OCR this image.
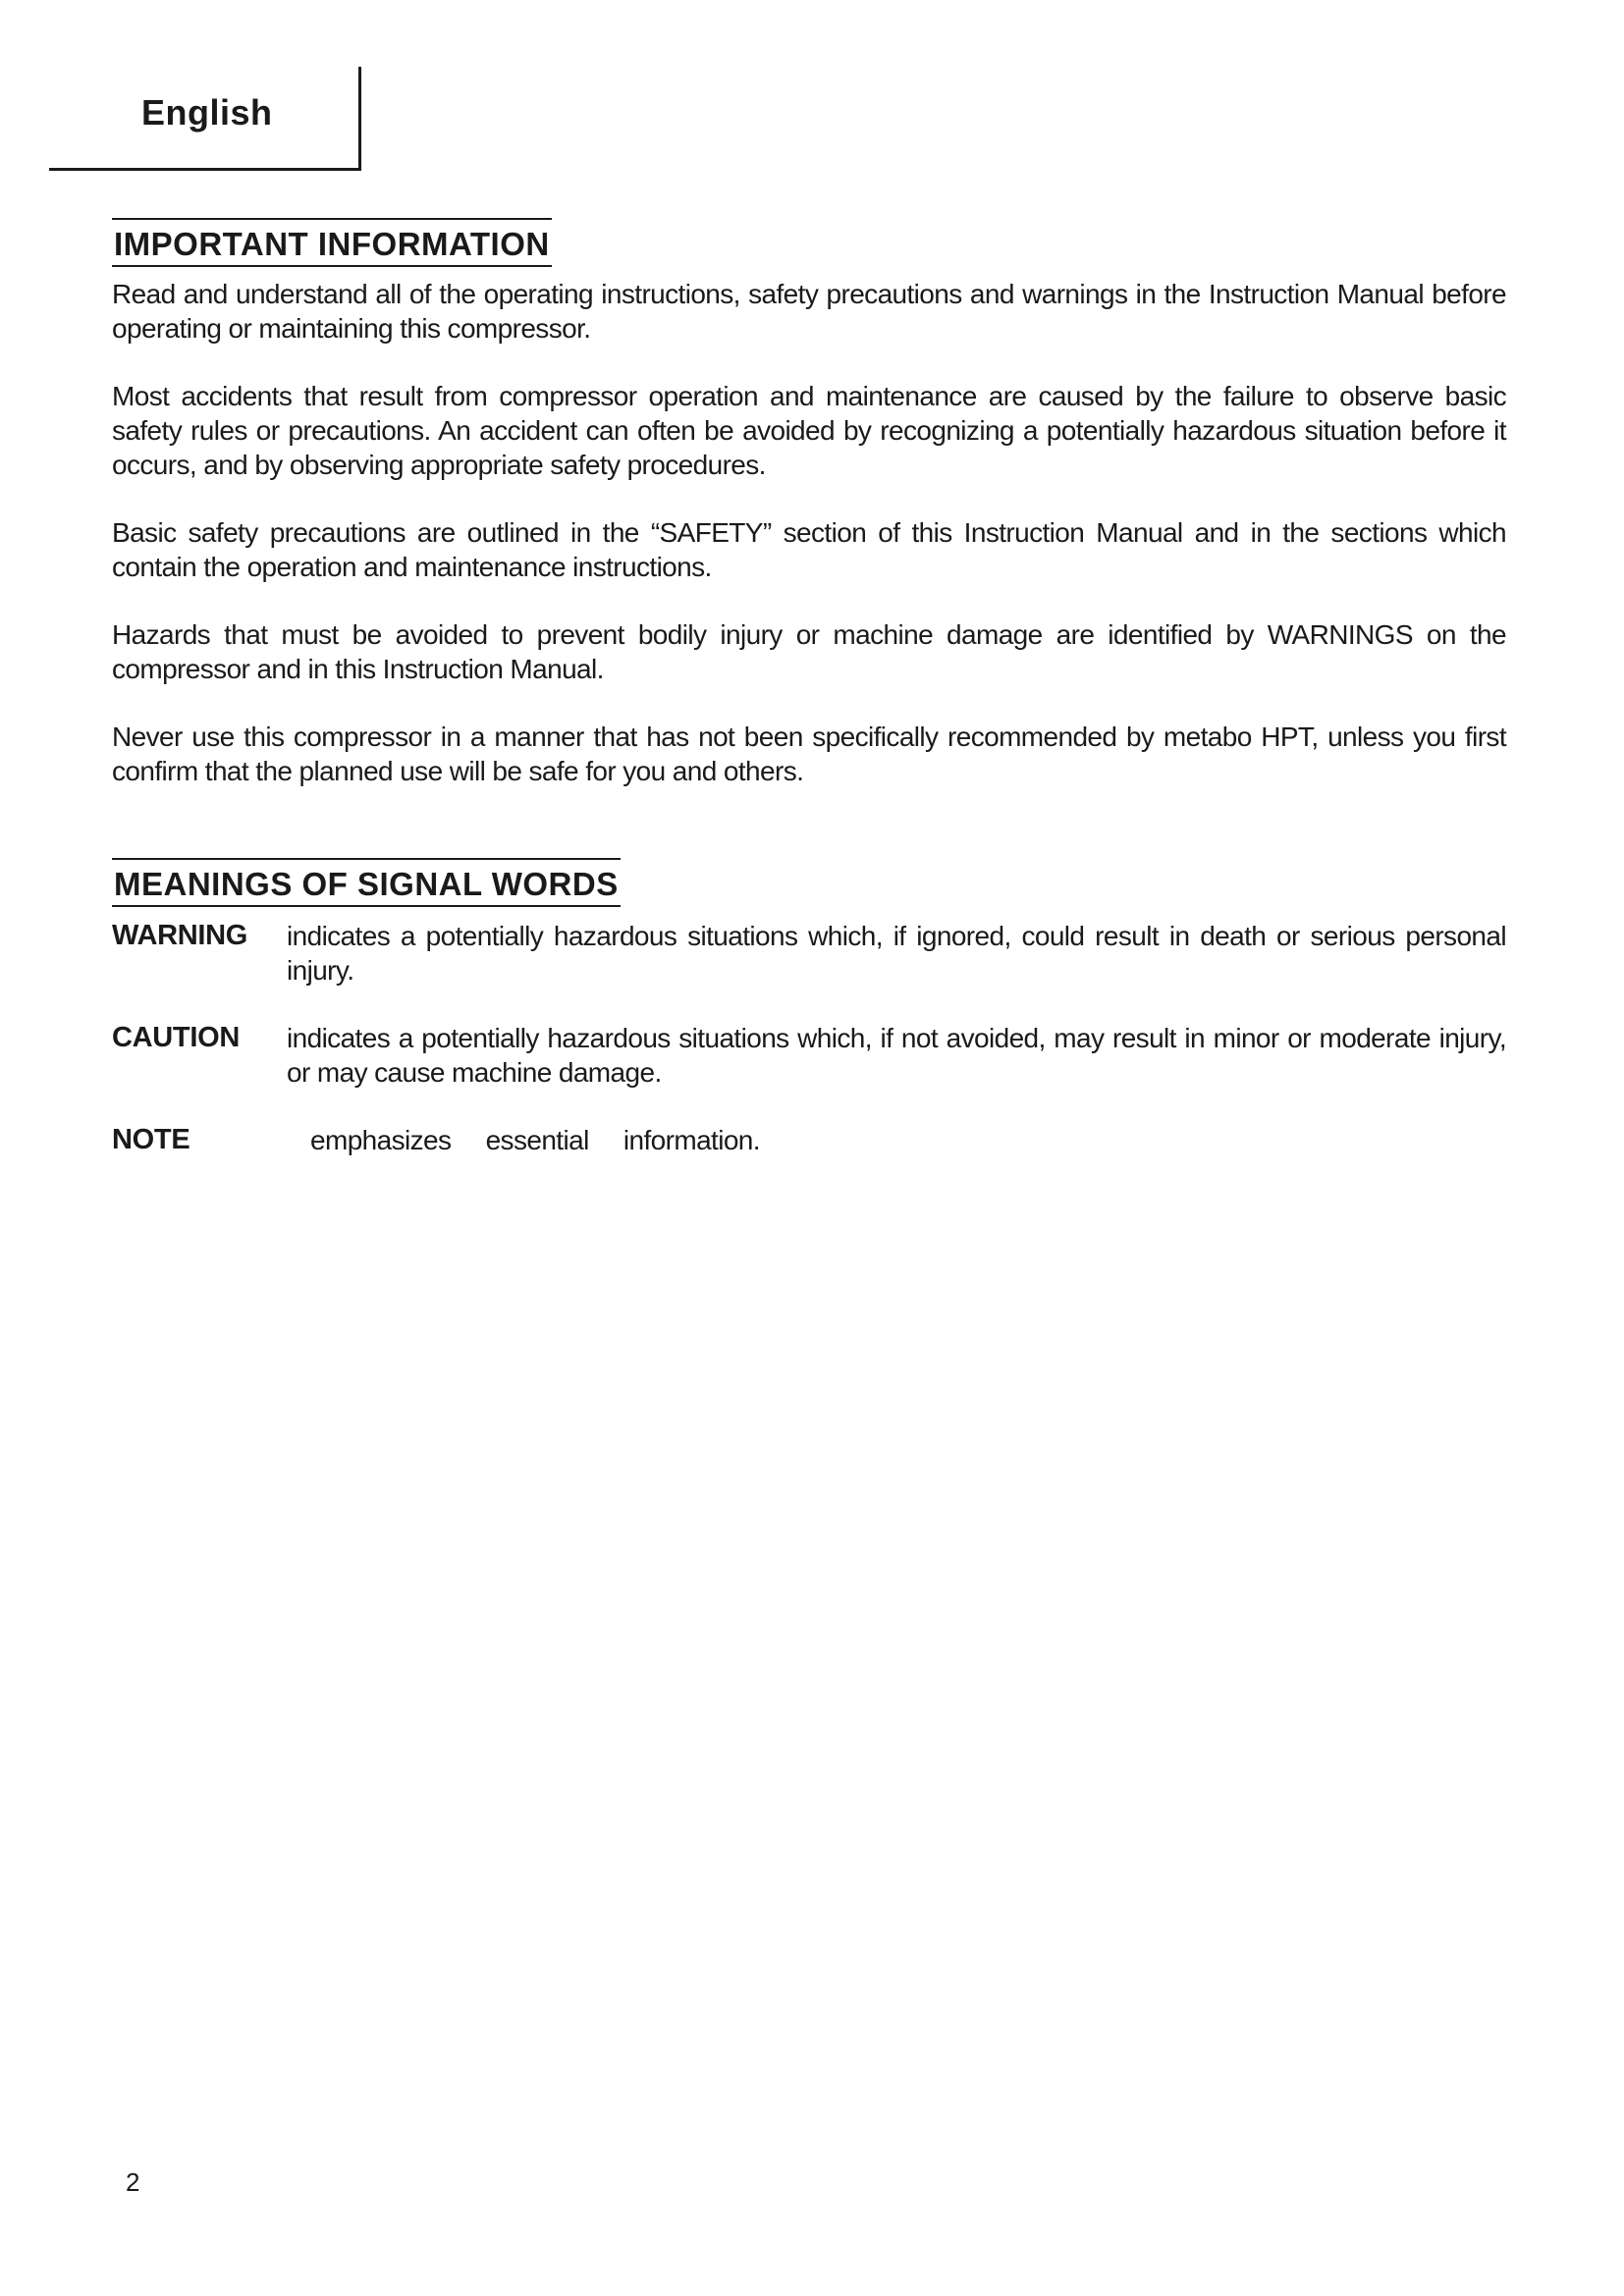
English
IMPORTANT INFORMATION

Read and understand all of the operating instructions, safety precautions and warnings in the Instruction Manual before operating or maintaining this compressor.

Most accidents that result from compressor operation and maintenance are caused by the failure to observe basic safety rules or precautions. An accident can often be avoided by recognizing a potentially hazardous situation before it occurs, and by observing appropriate safety procedures.

Basic safety precautions are outlined in the “SAFETY” section of this Instruction Manual and in the sections which contain the operation and maintenance instructions.

Hazards that must be avoided to prevent bodily injury or machine damage are identified by WARNINGS on the compressor and in this Instruction Manual.

Never use this compressor in a manner that has not been specifically recommended by metabo HPT, unless you first confirm that the planned use will be safe for you and others.

MEANINGS OF SIGNAL WORDS
WARNING	indicates a potentially hazardous situations which, if ignored, could result in death or serious personal injury.
CAUTION	indicates a potentially hazardous situations which, if not avoided, may result in minor or moderate injury, or may cause machine damage.
NOTE	emphasizes essential information.
2
